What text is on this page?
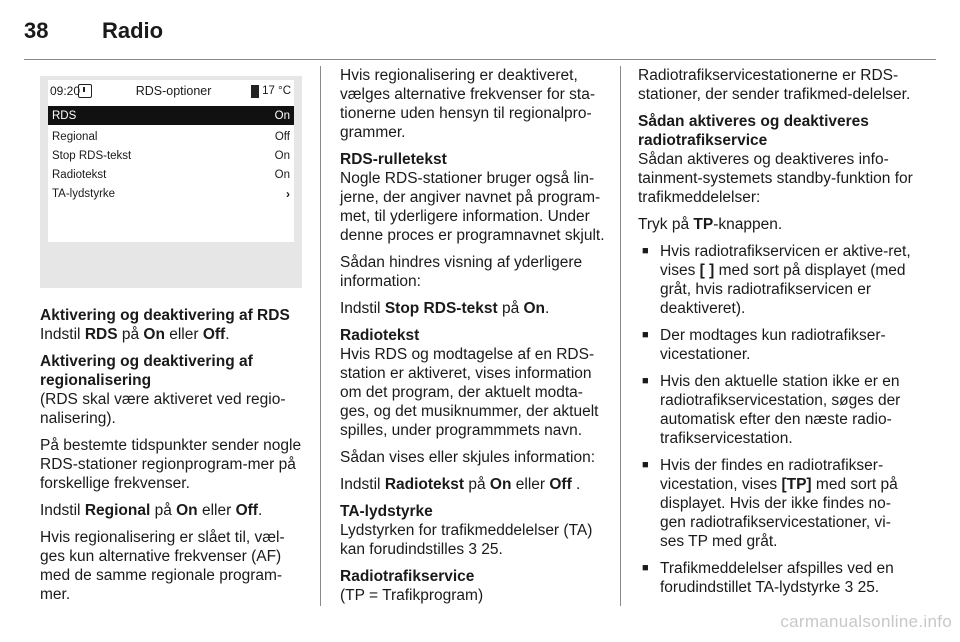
38	Radio
09:20	RDS-optioner	17 °C
RDS	On
Regional	Off
Stop RDS-tekst	On
Radiotekst	On
TA-lydstyrke	›

Aktivering og deaktivering af RDS

Indstil RDS på On eller Off.

Aktivering og deaktivering af regionalisering

(RDS skal være aktiveret ved regio-nalisering).

På bestemte tidspunkter sender nogle RDS-stationer regionprogram-mer på forskellige frekvenser.

Indstil Regional på On eller Off.

Hvis regionalisering er slået til, væl-ges kun alternative frekvenser (AF) med de samme regionale program-mer.

Hvis regionalisering er deaktiveret, vælges alternative frekvenser for sta-tionerne uden hensyn til regionalpro-grammer.

RDS-rulletekst

Nogle RDS-stationer bruger også lin-jerne, der angiver navnet på program-met, til yderligere information. Under denne proces er programnavnet skjult.

Sådan hindres visning af yderligere information:

Indstil Stop RDS-tekst på On.

Radiotekst

Hvis RDS og modtagelse af en RDS-station er aktiveret, vises information om det program, der aktuelt modta-ges, og det musiknummer, der aktuelt spilles, under programmmets navn.

Sådan vises eller skjules information:

Indstil Radiotekst på On eller Off .

TA-lydstyrke

Lydstyrken for trafikmeddelelser (TA) kan forudindstilles 3 25.

Radiotrafikservice

(TP = Trafikprogram)

Radiotrafikservicestationerne er RDS-stationer, der sender trafikmed-delelser.

Sådan aktiveres og deaktiveres radiotrafikservice

Sådan aktiveres og deaktiveres info-tainment-systemets standby-funktion for trafikmeddelelser:

Tryk på TP-knappen.

■ Hvis radiotrafikservicen er aktive-ret, vises [ ] med sort på displayet (med gråt, hvis radiotrafikservicen er deaktiveret).
■ Der modtages kun radiotrafikser-vicestationer.
■ Hvis den aktuelle station ikke er en radiotrafikservicestation, søges der automatisk efter den næste radio-trafikservicestation.
■ Hvis der findes en radiotrafikser-vicestation, vises [TP] med sort på displayet. Hvis der ikke findes no-gen radiotrafikservicestationer, vi-ses TP med gråt.
■ Trafikmeddelelser afspilles ved en forudindstillet TA-lydstyrke 3 25.
carmanualsonline.info
